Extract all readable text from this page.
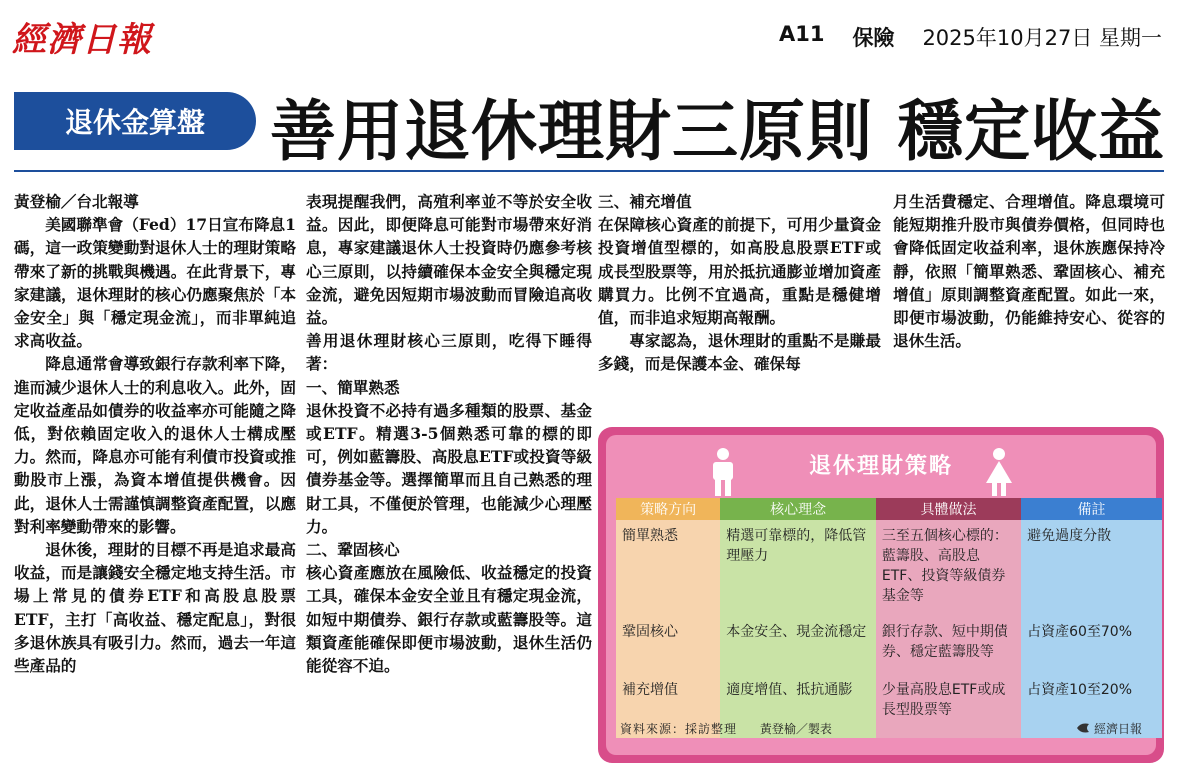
經濟日報	A11 保險 2025年10月27日 星期一
退休金算盤 善用退休理財三原則 穩定收益

黃登榆／台北報導

美國聯準會（Fed）17日宣布降息1碼，這一政策變動對退休人士的理財策略帶來了新的挑戰與機遇。在此背景下，專家建議，退休理財的核心仍應聚焦於「本金安全」與「穩定現金流」，而非單純追求高收益。

降息通常會導致銀行存款利率下降，進而減少退休人士的利息收入。此外，固定收益產品如債券的收益率亦可能隨之降低，對依賴固定收入的退休人士構成壓力。然而，降息亦可能有利債市投資或推動股市上漲，為資本增值提供機會。因此，退休人士需謹慎調整資產配置，以應對利率變動帶來的影響。

退休後，理財的目標不再是追求最高收益，而是讓錢安全穩定地支持生活。市場上常見的債券ETF和高股息股票ETF，主打「高收益、穩定配息」，對很多退休族具有吸引力。然而，過去一年這些產品的

表現提醒我們，高殖利率並不等於安全收益。因此，即便降息可能對市場帶來好消息，專家建議退休人士投資時仍應參考核心三原則，以持續確保本金安全與穩定現金流，避免因短期市場波動而冒險追高收益。

善用退休理財核心三原則，吃得下睡得著：

一、簡單熟悉

退休投資不必持有過多種類的股票、基金或ETF。精選3-5個熟悉可靠的標的即可，例如藍籌股、高股息ETF或投資等級債券基金等。選擇簡單而且自己熟悉的理財工具，不僅便於管理，也能減少心理壓力。

二、鞏固核心

核心資產應放在風險低、收益穩定的投資工具，確保本金安全並且有穩定現金流，如短中期債券、銀行存款或藍籌股等。這類資產能確保即便市場波動，退休生活仍能從容不迫。

三、補充增值

在保障核心資產的前提下，可用少量資金投資增值型標的，如高股息股票ETF或成長型股票等，用於抵抗通膨並增加資產購買力。比例不宜過高，重點是穩健增值，而非追求短期高報酬。

專家認為，退休理財的重點不是賺最多錢，而是保護本金、確保每

月生活費穩定、合理增值。降息環境可能短期推升股市與債券價格，但同時也會降低固定收益利率，退休族應保持冷靜，依照「簡單熟悉、鞏固核心、補充增值」原則調整資產配置。如此一來，即便市場波動，仍能維持安心、從容的退休生活。

退休理財策略
策略方向	核心理念	具體做法	備註
簡單熟悉	精選可靠標的，降低管理壓力	三至五個核心標的：藍籌股、高股息ETF、投資等級債券基金等	避免過度分散
鞏固核心	本金安全、現金流穩定	銀行存款、短中期債券、穩定藍籌股等	占資產60至70%
補充增值	適度增值、抵抗通膨	少量高股息ETF或成長型股票等	占資產10至20%
資料來源：採訪整理 黃登榆／製表	經濟日報
